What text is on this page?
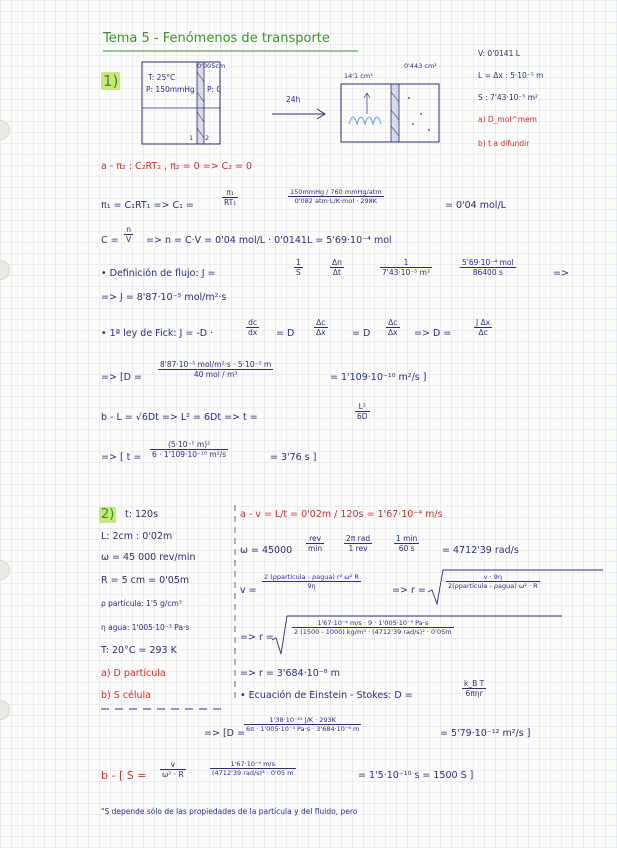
Tema 5 - Fenómenos de transporte
1)
0'005cm
T: 25°C
P: 150mmHg P: 0
1 2
24h
14'1 cm³
0'443 cm²
V: 0'0141 L
L = Δx : 5·10⁻⁵ m
S : 7'43·10⁻⁵ m²
a) D_mol^mem
b) t a difundir
a - π₂ : C₂RT₂ , π₂ = 0 => C₂ = 0
π₁ = C₁RT₁ => C₁ =	$\frac{\text{π₁}}{\text{RT₁}}$	150mmHg / 760 mmHg/atm
0'082 atm·L/K·mol · 298K	= 0'04 mol/L
$C = \frac{n}{V} => n = C\cdot V = 0'04$ mol/L · 0'0141L = 5'69·10⁻⁴ mol
• Definición de flujo: J =	$\frac{1}{S}$	$\frac{\Delta n}{\Delta t}$	$\frac{1}{\text{7'43·10⁻⁵ m²}}$	5'69·10⁻⁴ mol
86400 s	=>
=> J = 8'87·10⁻⁵ mol/m²·s
• 1ª ley de Fick: J = -D ·	$\frac{dc}{dx} = D$	$\frac{\Delta c}{\Delta x}$	= D $\frac{\Delta c}{\Delta x} => D$ =	$\frac{\text{J Δx}}{\Delta c}$
=> [D =
8'87·10⁻⁵ mol/m²·s · 5·10⁻⁵ m
40 mol / m³	= 1'109·10⁻¹⁰ m²/s ]
b - L = √6Dt => L² = 6Dt => t =	$\frac{\text{L²}}{6D}$
=> [ $t = \frac{\text{(5·10⁻⁵ m)²}}{\text{6 · 1'109·10⁻¹⁰ m²/s}}$	= 3'76 s ]
2) t: 120s
L: 2cm : 0'02m
ω = 45 000 rev/min
R = 5 cm = 0'05m
ρ partícula: 1'5 g/cm³
η agua: 1'005·10⁻³ Pa·s
T: 20°C = 293 K
a) D partícula
b) S célula
a - v = L/t = 0'02m / 120s = 1'67·10⁻⁴ m/s
ω = 45000
rev
min
2π rad
1 rev
1 min
60 s	= 4712'39 rad/s
v =
2 (ρpartícula - ρagua) r² ω² R
9η	=> r =
v · 9η
2(ρpartícula - ρagua) ω² · R
=> r =
1'67·10⁻⁴ m/s · 9 · 1'005·10⁻³ Pa·s
2 (1500 - 1000) kg/m³ · (4712'39 rad/s)² · 0'05m
=> r = 3'684·10⁻⁸ m
• Ecuación de Einstein - Stokes: D =
k_B T
6πηr
=> [D =
$\frac{\text{1'38·10⁻²³ J/K · 293K}}{\text{6π · 1'005·10⁻³ Pa·s · 3'684·10⁻⁸ m}}$
= 5'79·10⁻¹² m²/s ]
b - [ $S = \frac{v}{\text{ω² · R}}$	1'67·10⁻⁴ m/s
(4712'39 rad/s)² · 0'05 m	= 1'5·10⁻¹⁰ s = 1500 S ]
"S depende sólo de las propiedades de la partícula y del fluido, pero
